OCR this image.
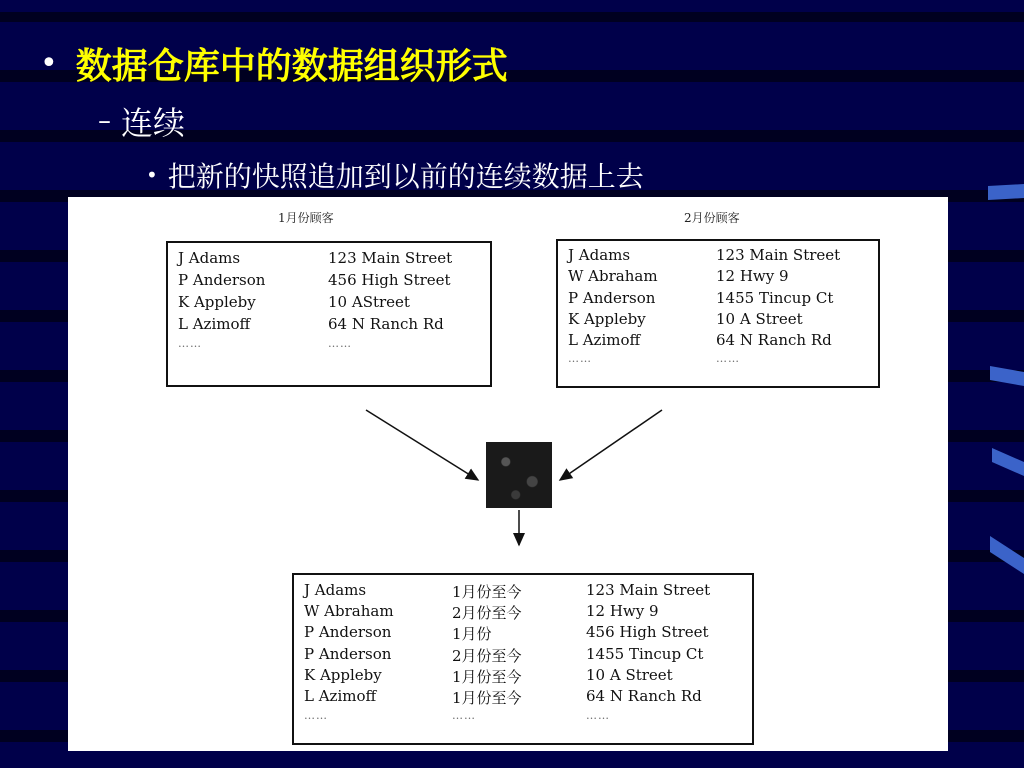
• 数据仓库中的数据组织形式
– 连续
• 把新的快照追加到以前的连续数据上去
1月份顾客
J Adams	123 Main Street
P Anderson	456 High Street
K Appleby	10 AStreet
L Azimoff	64 N Ranch Rd
……	……
2月份顾客
J Adams	123 Main Street
W Abraham	12 Hwy 9
P Anderson	1455 Tincup Ct
K Appleby	10 A Street
L Azimoff	64 N Ranch Rd
……	……
J Adams	1月份至今	123 Main Street
W Abraham	2月份至今	12 Hwy 9
P Anderson	1月份	456 High Street
P Anderson	2月份至今	1455 Tincup Ct
K Appleby	1月份至今	10 A Street
L Azimoff	1月份至今	64 N Ranch Rd
……	……	……
